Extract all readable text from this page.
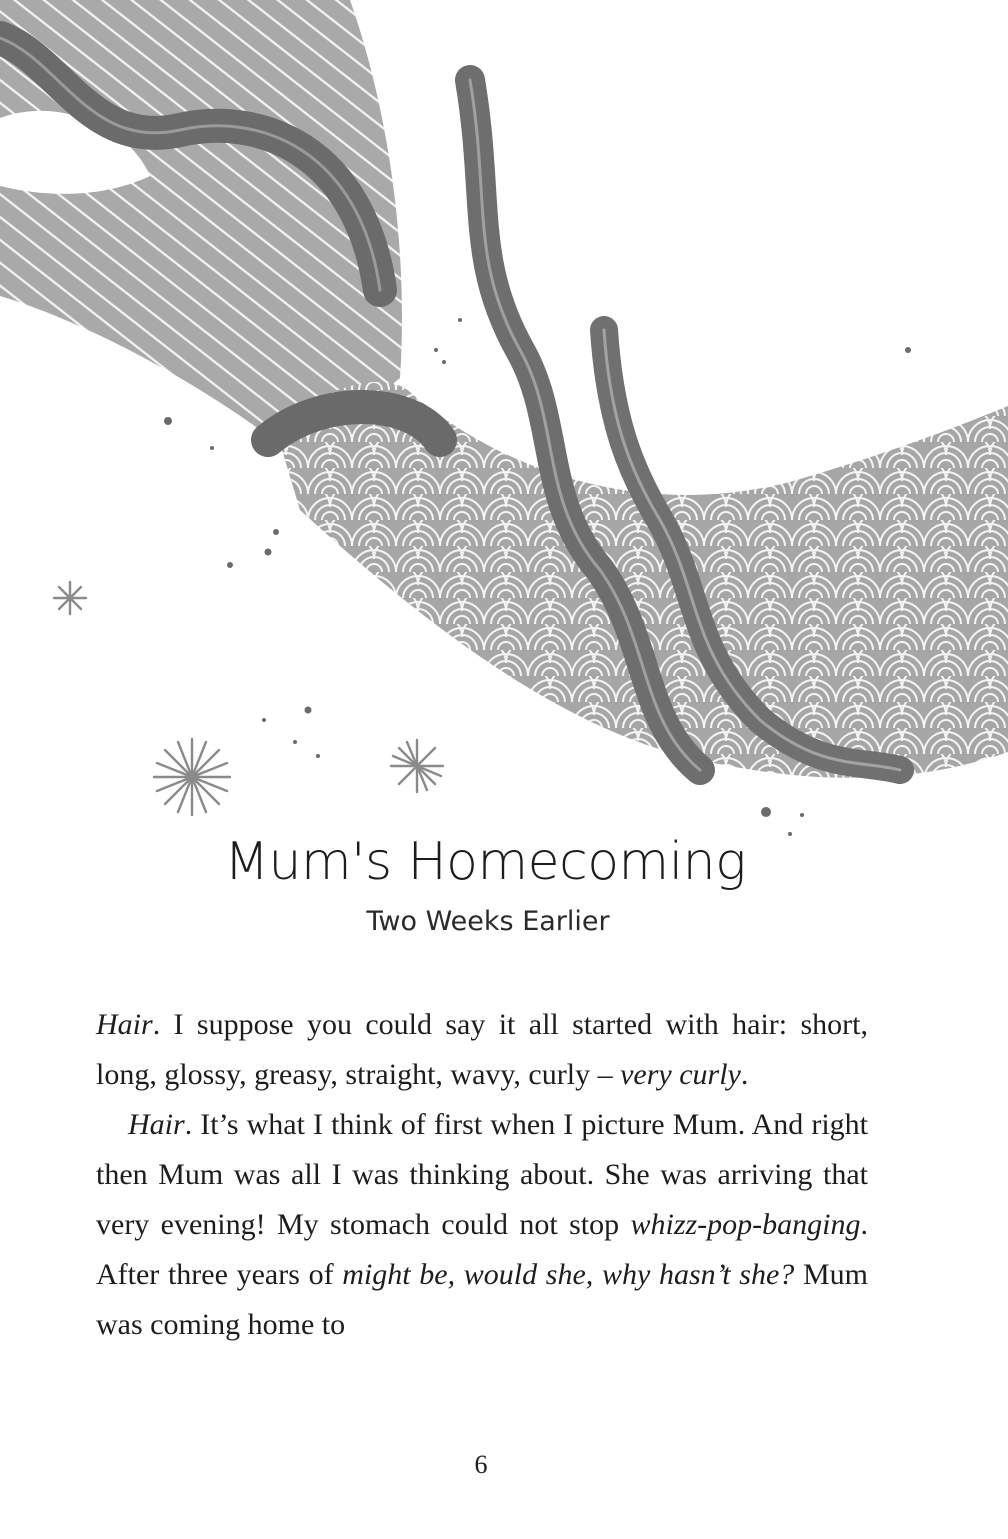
Mum's Homecoming
Two Weeks Earlier

Hair. I suppose you could say it all started with hair: short, long, glossy, greasy, straight, wavy, curly – very curly.

Hair. It’s what I think of first when I picture Mum. And right then Mum was all I was thinking about. She was arriving that very evening! My stomach could not stop whizz-pop-banging. After three years of might be, would she, why hasn’t she? Mum was coming home to

6
